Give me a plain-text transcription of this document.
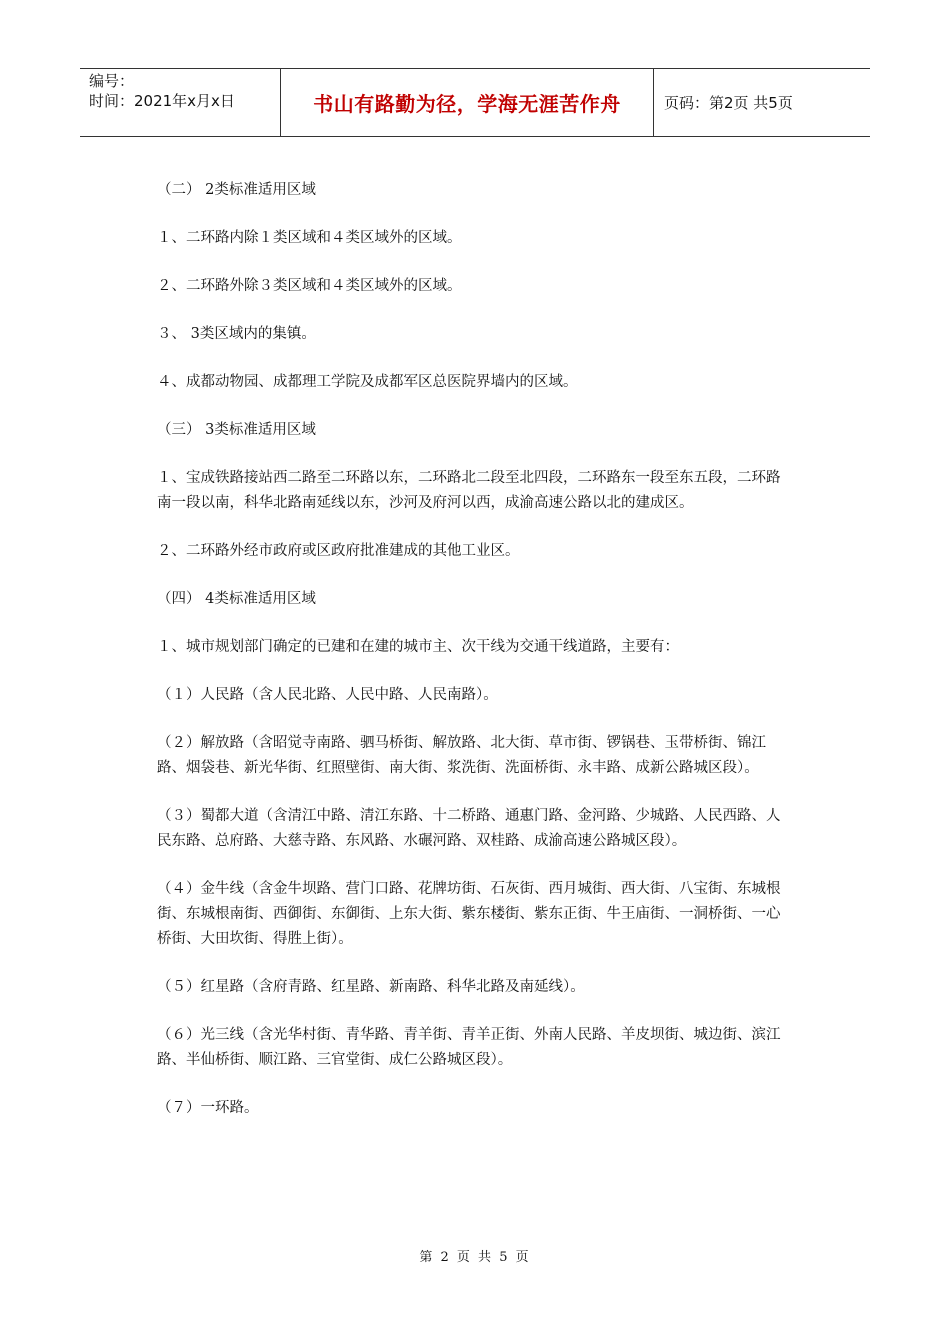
编号：
时间：2021年x月x日	书山有路勤为径，学海无涯苦作舟	页码：第2页 共5页

（二） 2类标准适用区域

１、二环路内除１类区域和４类区域外的区域。

２、二环路外除３类区域和４类区域外的区域。

３、 3类区域内的集镇。

４、成都动物园、成都理工学院及成都军区总医院界墙内的区域。

（三） 3类标准适用区域

１、宝成铁路接站西二路至二环路以东，二环路北二段至北四段，二环路东一段至东五段，二环路南一段以南，科华北路南延线以东，沙河及府河以西，成渝高速公路以北的建成区。

２、二环路外经市政府或区政府批准建成的其他工业区。

（四） 4类标准适用区域

１、城市规划部门确定的已建和在建的城市主、次干线为交通干线道路，主要有：

（１）人民路（含人民北路、人民中路、人民南路）。

（２）解放路（含昭觉寺南路、驷马桥街、解放路、北大街、草市街、锣锅巷、玉带桥街、锦江路、烟袋巷、新光华街、红照壁街、南大街、浆洗街、洗面桥街、永丰路、成新公路城区段）。

（３）蜀都大道（含清江中路、清江东路、十二桥路、通惠门路、金河路、少城路、人民西路、人民东路、总府路、大慈寺路、东风路、水碾河路、双桂路、成渝高速公路城区段）。

（４）金牛线（含金牛坝路、营门口路、花牌坊街、石灰街、西月城街、西大街、八宝街、东城根街、东城根南街、西御街、东御街、上东大街、紫东楼街、紫东正街、牛王庙街、一洞桥街、一心桥街、大田坎街、得胜上街）。

（５）红星路（含府青路、红星路、新南路、科华北路及南延线）。

（６）光三线（含光华村街、青华路、青羊街、青羊正街、外南人民路、羊皮坝街、城边街、滨江路、半仙桥街、顺江路、三官堂街、成仁公路城区段）。

（７）一环路。

第 2 页 共 5 页
